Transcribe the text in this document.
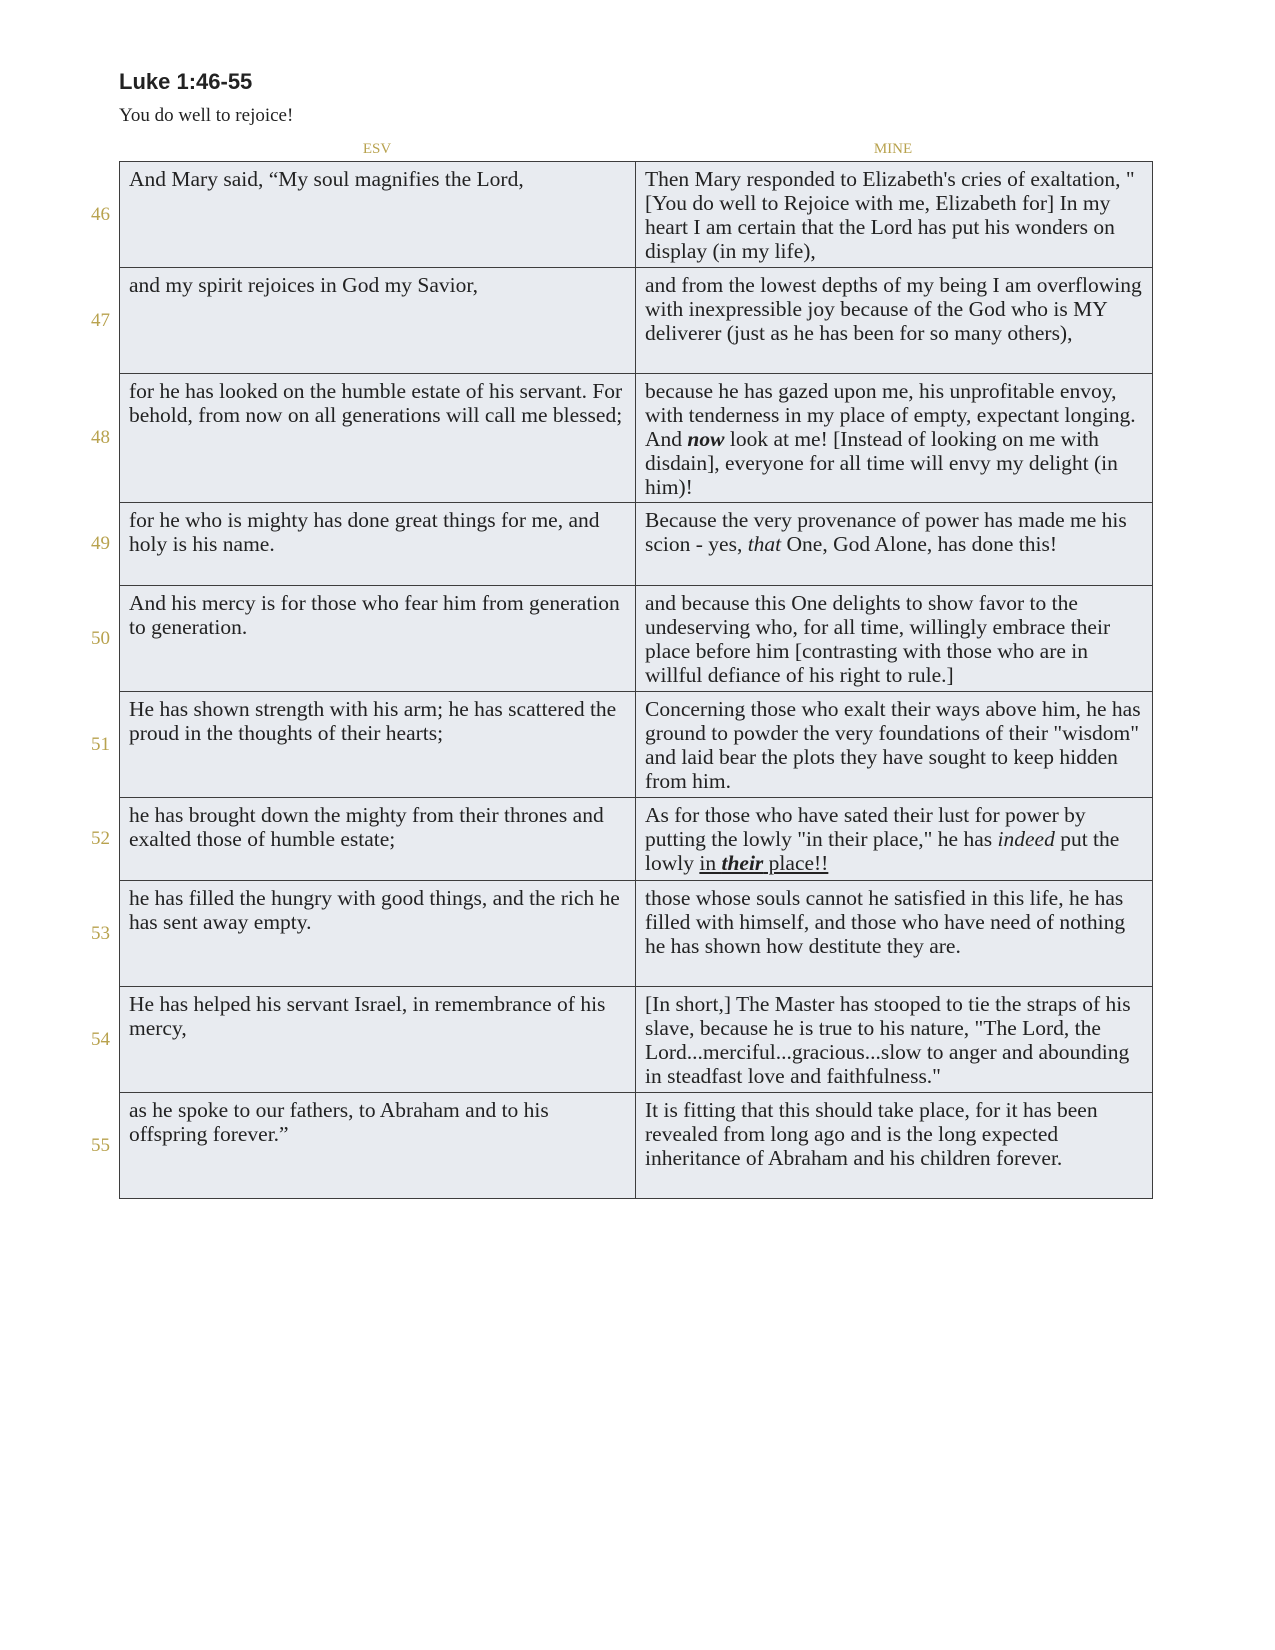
Luke 1:46-55

You do well to rejoice!

ESV	MINE
46
And Mary said, “My soul magnifies the Lord,	Then Mary responded to Elizabeth's cries of exaltation, "[You do well to Rejoice with me, Elizabeth for] In my heart I am certain that the Lord has put his wonders on display (in my life),

47
and my spirit rejoices in God my Savior,	and from the lowest depths of my being I am overflowing with inexpressible joy because of the God who is MY deliverer (just as he has been for so many others),

48
for he has looked on the humble estate of his servant. For behold, from now on all generations will call me blessed;	because he has gazed upon me, his unprofitable envoy, with tenderness in my place of empty, expectant longing. And now look at me! [Instead of looking on me with disdain], everyone for all time will envy my delight (in him)!

49
for he who is mighty has done great things for me, and holy is his name.	Because the very provenance of power has made me his scion - yes, that One, God Alone, has done this!

50
And his mercy is for those who fear him from generation to generation.	and because this One delights to show favor to the undeserving who, for all time, willingly embrace their place before him [contrasting with those who are in willful defiance of his right to rule.]

51
He has shown strength with his arm; he has scattered the proud in the thoughts of their hearts;	Concerning those who exalt their ways above him, he has ground to powder the very foundations of their "wisdom" and laid bear the plots they have sought to keep hidden from him.

52
he has brought down the mighty from their thrones and exalted those of humble estate;	As for those who have sated their lust for power by putting the lowly "in their place," he has indeed put the lowly in their place!!

53
he has filled the hungry with good things, and the rich he has sent away empty.	those whose souls cannot he satisfied in this life, he has filled with himself, and those who have need of nothing he has shown how destitute they are.

54
He has helped his servant Israel, in remembrance of his mercy,	[In short,] The Master has stooped to tie the straps of his slave, because he is true to his nature, "The Lord, the Lord...merciful...gracious...slow to anger and abounding in steadfast love and faithfulness."

55
as he spoke to our fathers, to Abraham and to his offspring forever.”	It is fitting that this should take place, for it has been revealed from long ago and is the long expected inheritance of Abraham and his children forever.
